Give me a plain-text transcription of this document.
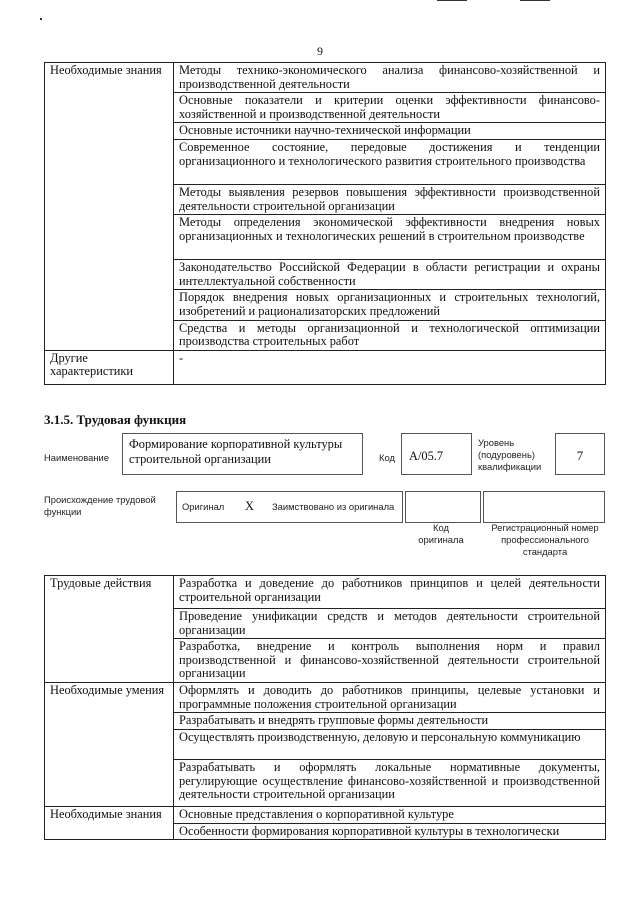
9
Необходимые знания	Методы технико-экономического анализа финансово-хозяйственной и производственной деятельности
	Основные показатели и критерии оценки эффективности финансово-хозяйственной и производственной деятельности
	Основные источники научно-технической информации
	Современное состояние, передовые достижения и тенденции организационного и технологического развития строительного производства
	Методы выявления резервов повышения эффективности производственной деятельности строительной организации
	Методы определения экономической эффективности внедрения новых организационных и технологических решений в строительном производстве
	Законодательство Российской Федерации в области регистрации и охраны интеллектуальной собственности
	Порядок внедрения новых организационных и строительных технологий, изобретений и рационализаторских предложений
	Средства и методы организационной и технологической оптимизации производства строительных работ
Другие характеристики	-
3.1.5. Трудовая функция
Наименование
Формирование корпоративной культуры строительной организации	Код A/05.7
Уровень (подуровень) квалификации
7
Происхождение трудовой функции	Оригинал X Заимствовано из оригинала
Код оригинала
Регистрационный номер профессионального стандарта
Трудовые действия	Разработка и доведение до работников принципов и целей деятельности строительной организации
	Проведение унификации средств и методов деятельности строительной организации
	Разработка, внедрение и контроль выполнения норм и правил производственной и финансово-хозяйственной деятельности строительной организации
Необходимые умения	Оформлять и доводить до работников принципы, целевые установки и программные положения строительной организации
	Разрабатывать и внедрять групповые формы деятельности
	Осуществлять производственную, деловую и персональную коммуникацию
	Разрабатывать и оформлять локальные нормативные документы, регулирующие осуществление финансово-хозяйственной и производственной деятельности строительной организации
Необходимые знания	Основные представления о корпоративной культуре
	Особенности формирования корпоративной культуры в технологически
